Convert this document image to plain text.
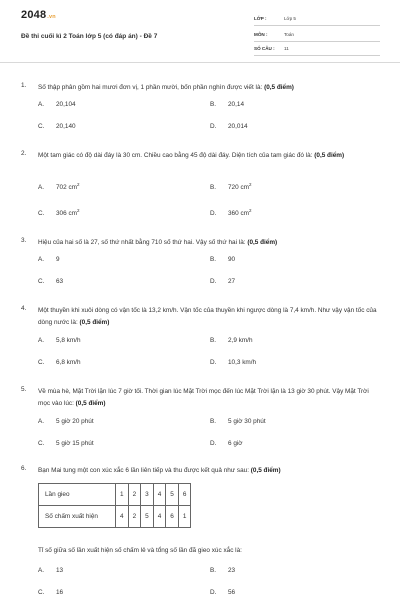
2048.vn
Đề thi cuối kì 2 Toán lớp 5 (có đáp án) - Đề 7
LỚP :	Lớp 5
MÔN :	Toán
SỐ CÂU : 11
1. Số thập phân gồm hai mươi đơn vị, 1 phần mười, bốn phần nghìn được viết là: (0,5 điểm)
A. 20,104	B. 20,14
C. 20,140	D. 20,014
2. Một tam giác có độ dài đáy là 30 cm. Chiều cao bằng 45 độ dài đáy. Diện tích của tam giác đó là: (0,5 điểm)
A. 702 $cm^2$	B. 720 $cm^2$
C. 306 $cm^2$	D. 360 $cm^2$
3. Hiệu của hai số là 27, số thứ nhất bằng 710 số thứ hai. Vậy số thứ hai là: (0,5 điểm)
A. 9	B. 90
C. 63	D. 27
4. Một thuyền khi xuôi dòng có vận tốc là 13,2 km/h. Vận tốc của thuyền khi ngược dòng là 7,4 km/h. Như vậy vận tốc của dòng nước là: (0,5 điểm)
A. 5,8 km/h	B. 2,9 km/h
C. 6,8 km/h	D. 10,3 km/h
5. Về mùa hè, Mặt Trời lặn lúc 7 giờ tối. Thời gian lúc Mặt Trời mọc đến lúc Mặt Trời lặn là 13 giờ 30 phút. Vậy Mặt Trời mọc vào lúc: (0,5 điểm)
A. 5 giờ 20 phút	B. 5 giờ 30 phút
C. 5 giờ 15 phút	D. 6 giờ
6. Bạn Mai tung một con xúc xắc 6 lần liên tiếp và thu được kết quả như sau: (0,5 điểm)
Lần gieo	1	2	3	4	5	6
Số chấm xuất hiện	4	2	5	4	6	1
Tỉ số giữa số lần xuất hiện số chấm lẻ và tổng số lần đã gieo xúc xắc là:
A. 13	B. 23
C. 16	D. 56
